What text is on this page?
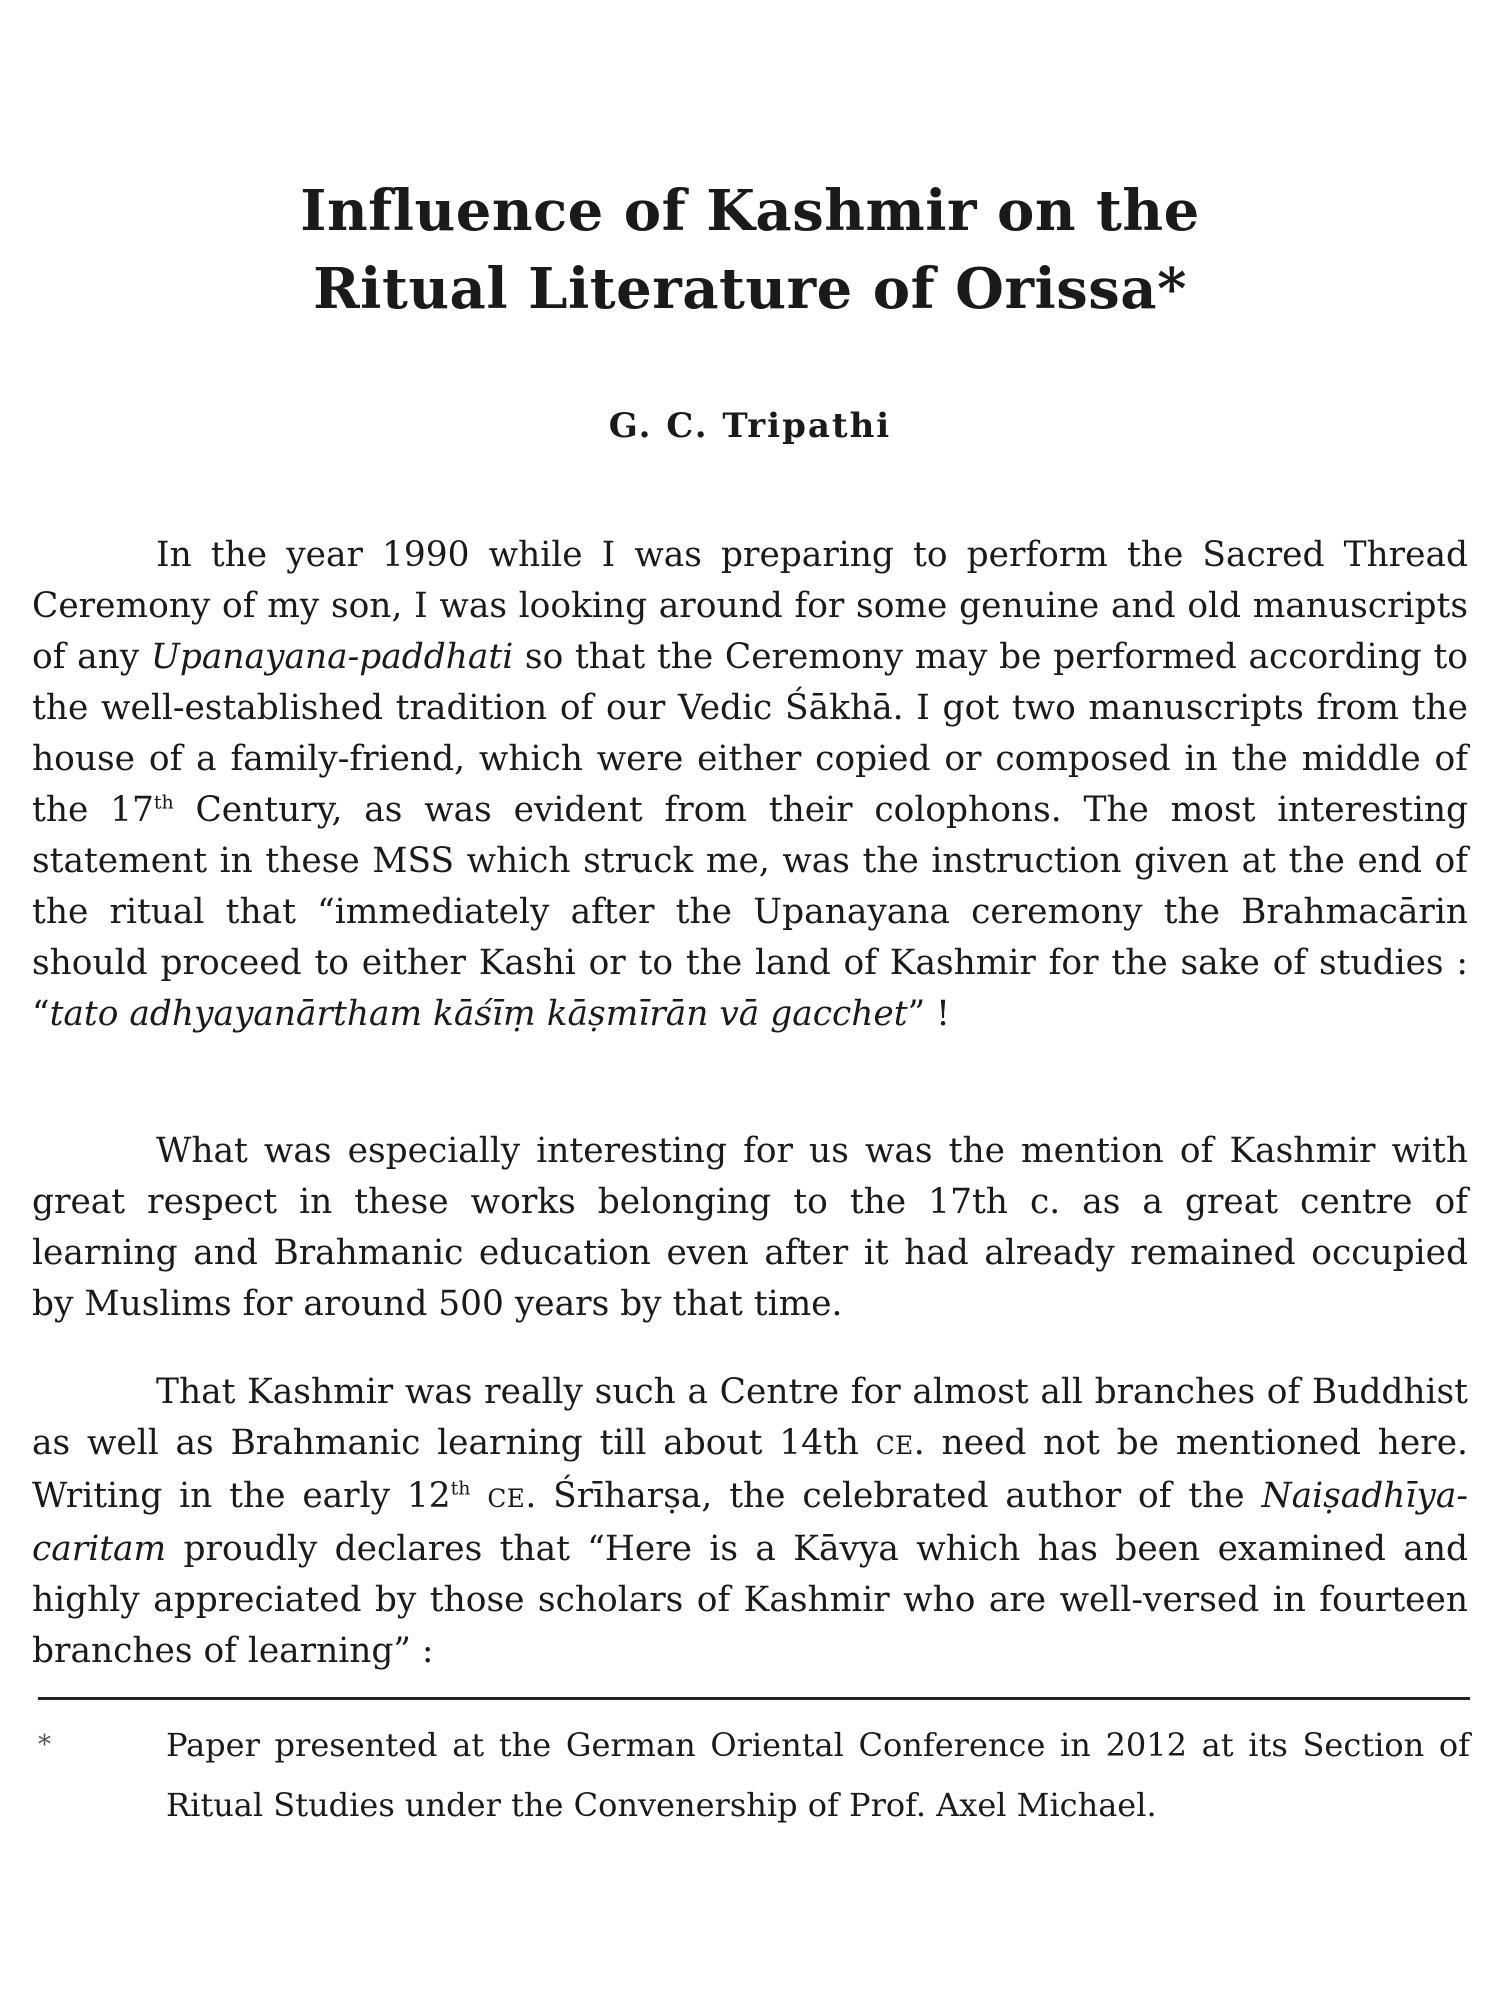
Influence of Kashmir on the
Ritual Literature of Orissa*
G. C. Tripathi

In the year 1990 while I was preparing to perform the Sacred Thread Ceremony of my son, I was looking around for some genuine and old manuscripts of any Upanayana-paddhati so that the Ceremony may be performed according to the well-established tradition of our Vedic Śākhā. I got two manuscripts from the house of a family-friend, which were either copied or composed in the middle of the 17th Century, as was evident from their colophons. The most interesting statement in these MSS which struck me, was the instruction given at the end of the ritual that “immediately after the Upanayana ceremony the Brahmacārin should proceed to either Kashi or to the land of Kashmir for the sake of studies : “tato adhyayanārtham kāśīṃ kāṣmīrān vā gacchet” !

What was especially interesting for us was the mention of Kashmir with great respect in these works belonging to the 17th c. as a great centre of learning and Brahmanic education even after it had already remained occupied by Muslims for around 500 years by that time.

That Kashmir was really such a Centre for almost all branches of Buddhist as well as Brahmanic learning till about 14th CE. need not be mentioned here. Writing in the early 12th CE. Śrīharṣa, the celebrated author of the Naiṣadhīya-caritam proudly declares that “Here is a Kāvya which has been examined and highly appreciated by those scholars of Kashmir who are well-versed in fourteen branches of learning” :

*	Paper presented at the German Oriental Conference in 2012 at its Section of Ritual Studies under the Convenership of Prof. Axel Michael.
